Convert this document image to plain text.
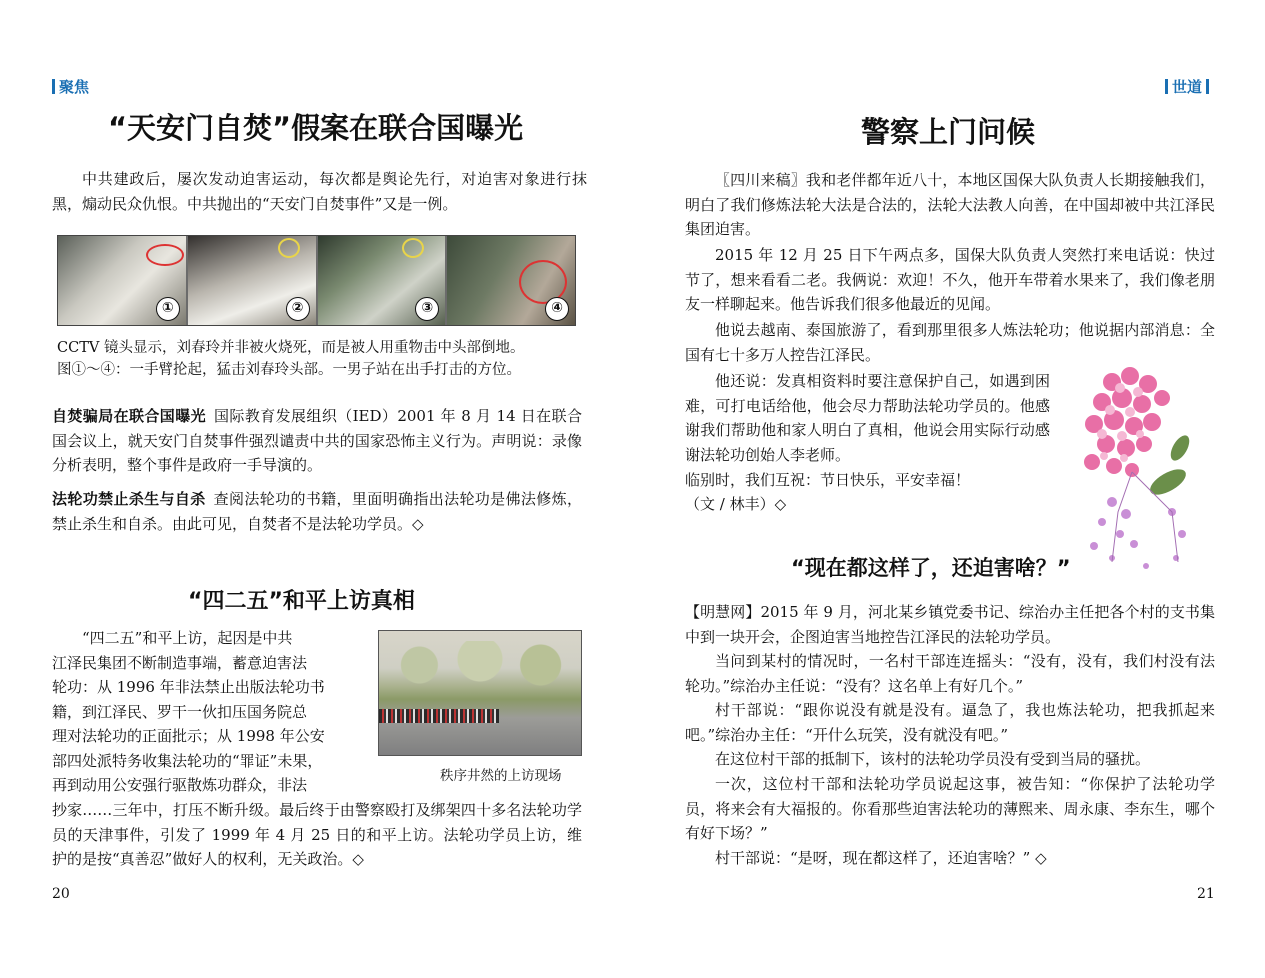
聚焦
“天安门自焚”假案在联合国曝光

中共建政后，屡次发动迫害运动，每次都是舆论先行，对迫害对象进行抹黑，煽动民众仇恨。中共抛出的“天安门自焚事件”又是一例。

①	②	③	④

CCTV 镜头显示，刘春玲并非被火烧死，而是被人用重物击中头部倒地。
图①～④：一手臂抡起，猛击刘春玲头部。一男子站在出手打击的方位。

自焚骗局在联合国曝光 国际教育发展组织（IED）2001 年 8 月 14 日在联合国会议上，就天安门自焚事件强烈谴责中共的国家恐怖主义行为。声明说：录像分析表明，整个事件是政府一手导演的。

法轮功禁止杀生与自杀 查阅法轮功的书籍，里面明确指出法轮功是佛法修炼，禁止杀生和自杀。由此可见，自焚者不是法轮功学员。◇

“四二五”和平上访真相

“四二五”和平上访，起因是中共
江泽民集团不断制造事端，蓄意迫害法
轮功：从 1996 年非法禁止出版法轮功书
籍，到江泽民、罗干一伙扣压国务院总
理对法轮功的正面批示；从 1998 年公安
部四处派特务收集法轮功的“罪证”未果，
再到动用公安强行驱散炼功群众，非法	秩序井然的上访现场

抄家……三年中，打压不断升级。最后终于由警察殴打及绑架四十多名法轮功学员的天津事件，引发了 1999 年 4 月 25 日的和平上访。法轮功学员上访，维护的是按“真善忍”做好人的权利，无关政治。◇

20

世道
警察上门问候

〖四川来稿〗我和老伴都年近八十，本地区国保大队负责人长期接触我们，明白了我们修炼法轮大法是合法的，法轮大法教人向善，在中国却被中共江泽民集团迫害。

2015 年 12 月 25 日下午两点多，国保大队负责人突然打来电话说：快过节了，想来看看二老。我俩说：欢迎！不久，他开车带着水果来了，我们像老朋友一样聊起来。他告诉我们很多他最近的见闻。

他说去越南、泰国旅游了，看到那里很多人炼法轮功；他说据内部消息：全国有七十多万人控告江泽民。

他还说：发真相资料时要注意保护自己，如遇到困难，可打电话给他，他会尽力帮助法轮功学员的。他感谢我们帮助他和家人明白了真相，他说会用实际行动感谢法轮功创始人李老师。

临别时，我们互祝：节日快乐，平安幸福！

（文 / 林丰）◇

“现在都这样了，还迫害啥？”

【明慧网】2015 年 9 月，河北某乡镇党委书记、综治办主任把各个村的支书集中到一块开会，企图迫害当地控告江泽民的法轮功学员。

当问到某村的情况时，一名村干部连连摇头：“没有，没有，我们村没有法轮功。”综治办主任说：“没有？这名单上有好几个。”

村干部说：“跟你说没有就是没有。逼急了，我也炼法轮功，把我抓起来吧。”综治办主任：“开什么玩笑，没有就没有吧。”

在这位村干部的抵制下，该村的法轮功学员没有受到当局的骚扰。

一次，这位村干部和法轮功学员说起这事，被告知：“你保护了法轮功学员，将来会有大福报的。你看那些迫害法轮功的薄熙来、周永康、李东生，哪个有好下场？”

村干部说：“是呀，现在都这样了，还迫害啥？” ◇

21
